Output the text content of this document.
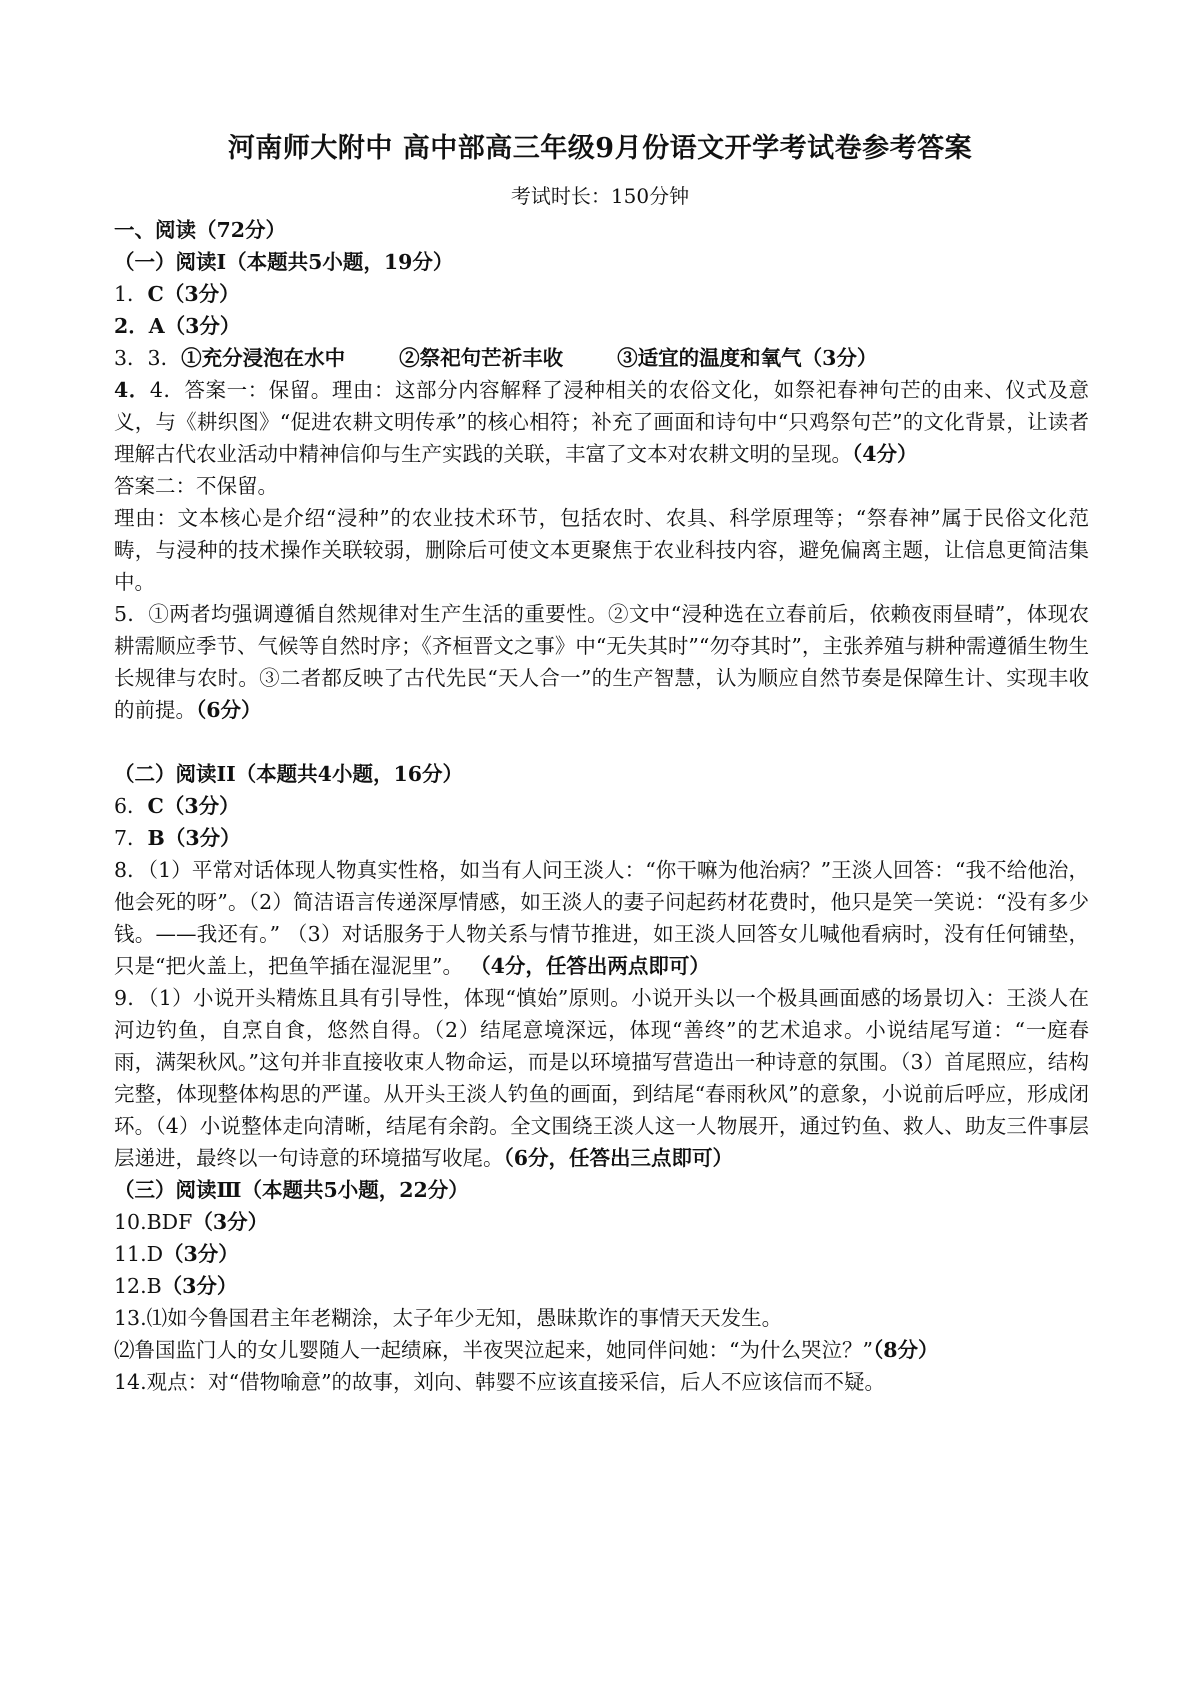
河南师大附中 高中部高三年级9月份语文开学考试卷参考答案
考试时长：150分钟

一、阅读（72分）

（一）阅读Ⅰ（本题共5小题，19分）

1．C（3分）

2．A（3分）

3．3．①充分浸泡在水中	②祭祀句芒祈丰收	③适宜的温度和氧气（3分）

4．4．答案一：保留。理由：这部分内容解释了浸种相关的农俗文化，如祭祀春神句芒的由来、仪式及意义，与《耕织图》“促进农耕文明传承”的核心相符；补充了画面和诗句中“只鸡祭句芒”的文化背景，让读者理解古代农业活动中精神信仰与生产实践的关联，丰富了文本对农耕文明的呈现。（4分）

答案二：不保留。

理由：文本核心是介绍“浸种”的农业技术环节，包括农时、农具、科学原理等；“祭春神”属于民俗文化范畴，与浸种的技术操作关联较弱，删除后可使文本更聚焦于农业科技内容，避免偏离主题，让信息更简洁集中。

5．①两者均强调遵循自然规律对生产生活的重要性。②文中“浸种选在立春前后，依赖夜雨昼晴”，体现农耕需顺应季节、气候等自然时序；《齐桓晋文之事》中“无失其时”“勿夺其时”，主张养殖与耕种需遵循生物生长规律与农时。③二者都反映了古代先民“天人合一”的生产智慧，认为顺应自然节奏是保障生计、实现丰收的前提。（6分）

（二）阅读II（本题共4小题，16分）

6．C（3分）

7．B（3分）

8．（1）平常对话体现人物真实性格，如当有人问王淡人：“你干嘛为他治病？”王淡人回答：“我不给他治，他会死的呀”。（2）简洁语言传递深厚情感，如王淡人的妻子问起药材花费时，他只是笑一笑说：“没有多少钱。——我还有。” （3）对话服务于人物关系与情节推进，如王淡人回答女儿喊他看病时，没有任何铺垫，只是“把火盖上，把鱼竿插在湿泥里”。 （4分，任答出两点即可）

9．（1）小说开头精炼且具有引导性，体现“慎始”原则。小说开头以一个极具画面感的场景切入：王淡人在河边钓鱼，自烹自食，悠然自得。（2）结尾意境深远，体现“善终”的艺术追求。小说结尾写道：“一庭春雨，满架秋风。”这句并非直接收束人物命运，而是以环境描写营造出一种诗意的氛围。（3）首尾照应，结构完整，体现整体构思的严谨。从开头王淡人钓鱼的画面，到结尾“春雨秋风”的意象，小说前后呼应，形成闭环。（4）小说整体走向清晰，结尾有余韵。全文围绕王淡人这一人物展开，通过钓鱼、救人、助友三件事层层递进，最终以一句诗意的环境描写收尾。（6分，任答出三点即可）

（三）阅读Ⅲ（本题共5小题，22分）

10.BDF（3分）

11.D（3分）

12.B（3分）

13.⑴如今鲁国君主年老糊涂，太子年少无知，愚昧欺诈的事情天天发生。

⑵鲁国监门人的女儿婴随人一起绩麻，半夜哭泣起来，她同伴问她：“为什么哭泣？”（8分）

14.观点：对“借物喻意”的故事，刘向、韩婴不应该直接采信，后人不应该信而不疑。
